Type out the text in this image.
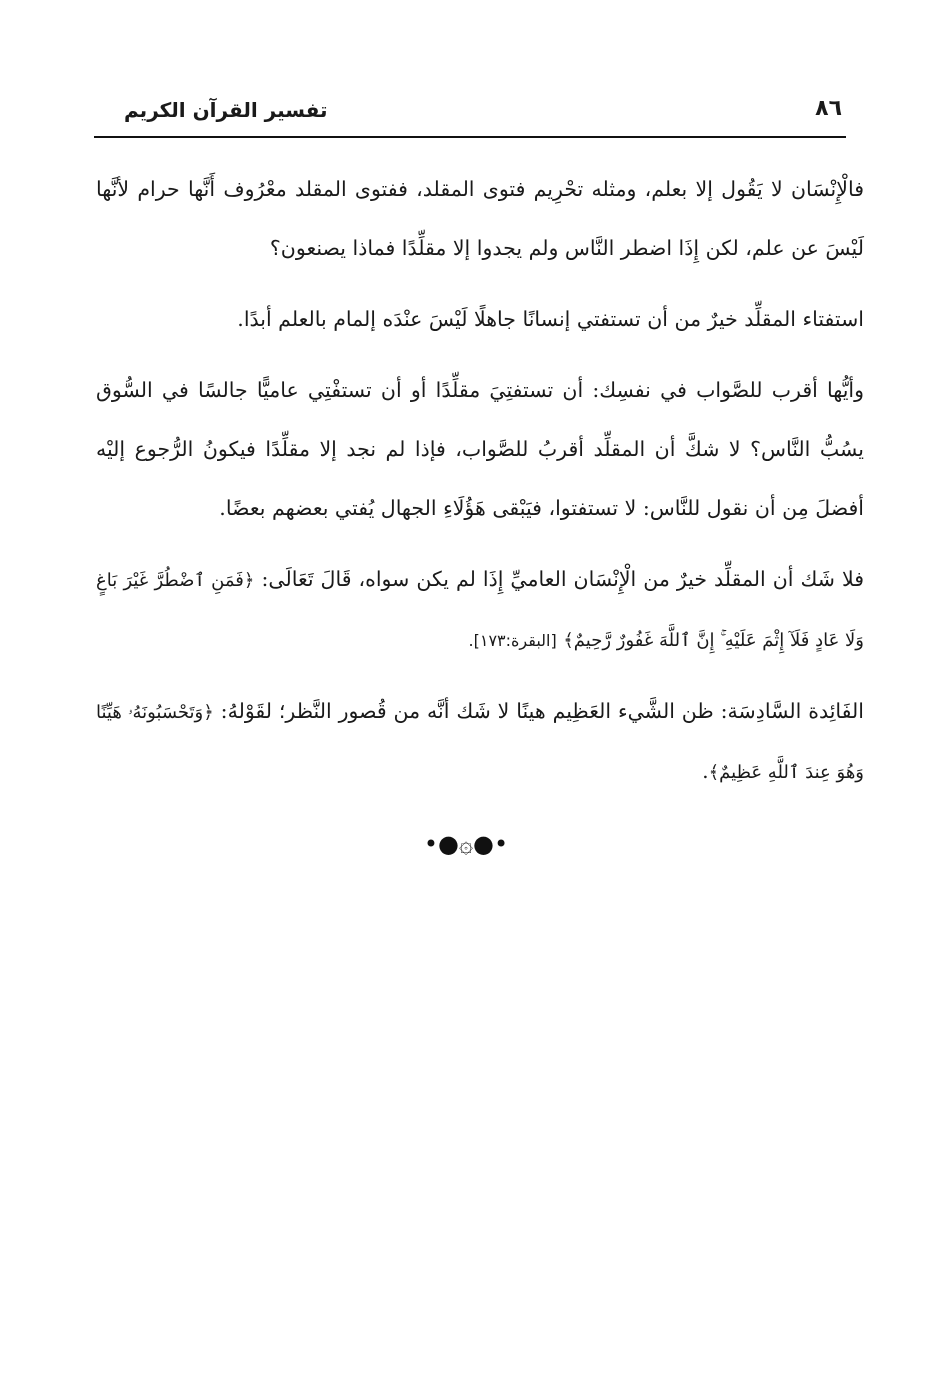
تفسير القرآن الكريم	٨٦

فالْإِنْسَان لا يَقُول إلا بعلم، ومثله تحْرِيم فتوى المقلد، ففتوى المقلد معْرُوف أَنَّها حرام لأنَّها لَيْسَ عن علم، لكن إِذَا اضطر النَّاس ولم يجدوا إلا مقلِّدًا فماذا يصنعون؟

استفتاء المقلِّد خيرٌ من أن تستفتي إنسانًا جاهلًا لَيْسَ عنْدَه إلمام بالعلم أبدًا.

وأيُّها أقرب للصَّواب في نفسِك: أن تستفتِيَ مقلِّدًا أو أن تستفْتِي عاميًّا جالسًا في السُّوق يسُبُّ النَّاس؟ لا شكَّ أن المقلِّد أقربُ للصَّواب، فإذا لم نجد إلا مقلِّدًا فيكونُ الرُّجوع إليْه أفضلَ مِن أن نقول للنَّاس: لا تستفتوا، فيَبْقى هَؤُلَاءِ الجهال يُفتي بعضهم بعضًا.

فلا شَك أن المقلِّد خيرٌ من الْإِنْسَان العاميِّ إِذَا لم يكن سواه، قَالَ تَعَالَى: ﴿فَمَنِ ٱضْطُرَّ غَيْرَ بَاغٍ وَلَا عَادٍ فَلَآ إِثْمَ عَلَيْهِ ۚ إِنَّ ٱللَّهَ غَفُورٌ رَّحِيمٌ﴾ [البقرة:١٧٣].

الفَائِدة السَّادِسَة: ظن الشَّيء العَظِيم هينًا لا شَك أنَّه من قُصور النَّظر؛ لقَوْلهُ: ﴿وَتَحْسَبُونَهُۥ هَيِّنًا وَهُوَ عِندَ ٱللَّهِ عَظِيمٌ﴾.

•●۞●•
